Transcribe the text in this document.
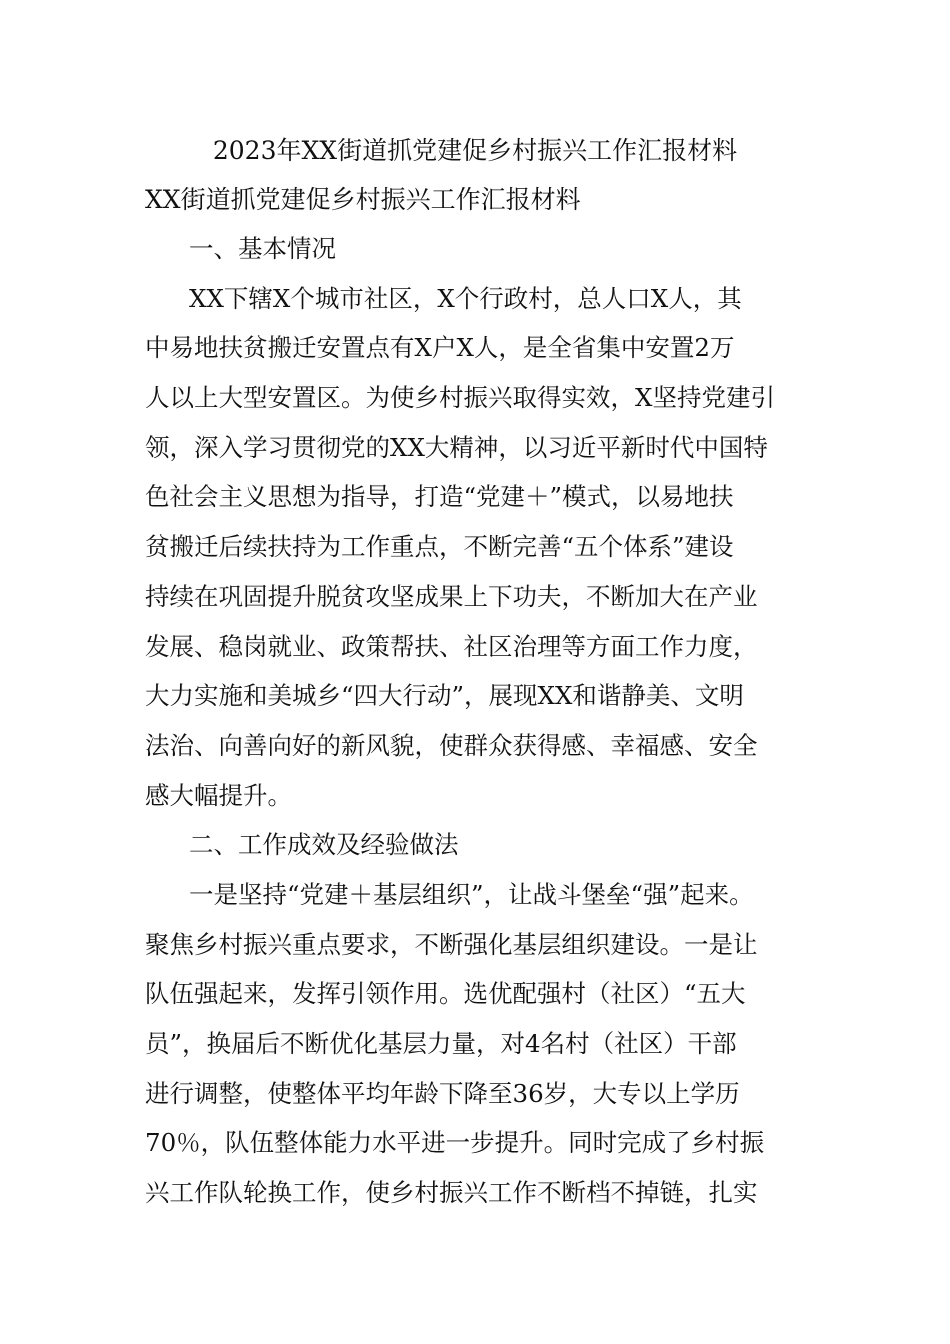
2023年XX街道抓党建促乡村振兴工作汇报材料
XX街道抓党建促乡村振兴工作汇报材料
一、基本情况
XX下辖X个城市社区，X个行政村，总人口X人，其
中易地扶贫搬迁安置点有X户X人，是全省集中安置2万
人以上大型安置区。为使乡村振兴取得实效，X坚持党建引
领，深入学习贯彻党的XX大精神，以习近平新时代中国特
色社会主义思想为指导，打造“党建＋”模式，以易地扶
贫搬迁后续扶持为工作重点，不断完善“五个体系”建设
持续在巩固提升脱贫攻坚成果上下功夫，不断加大在产业
发展、稳岗就业、政策帮扶、社区治理等方面工作力度，
大力实施和美城乡“四大行动”，展现XX和谐静美、文明
法治、向善向好的新风貌，使群众获得感、幸福感、安全
感大幅提升。
二、工作成效及经验做法
一是坚持“党建＋基层组织”，让战斗堡垒“强”起来。
聚焦乡村振兴重点要求，不断强化基层组织建设。一是让
队伍强起来，发挥引领作用。选优配强村（社区）“五大
员”，换届后不断优化基层力量，对4名村（社区）干部
进行调整，使整体平均年龄下降至36岁，大专以上学历
70％，队伍整体能力水平进一步提升。同时完成了乡村振
兴工作队轮换工作，使乡村振兴工作不断档不掉链，扎实
